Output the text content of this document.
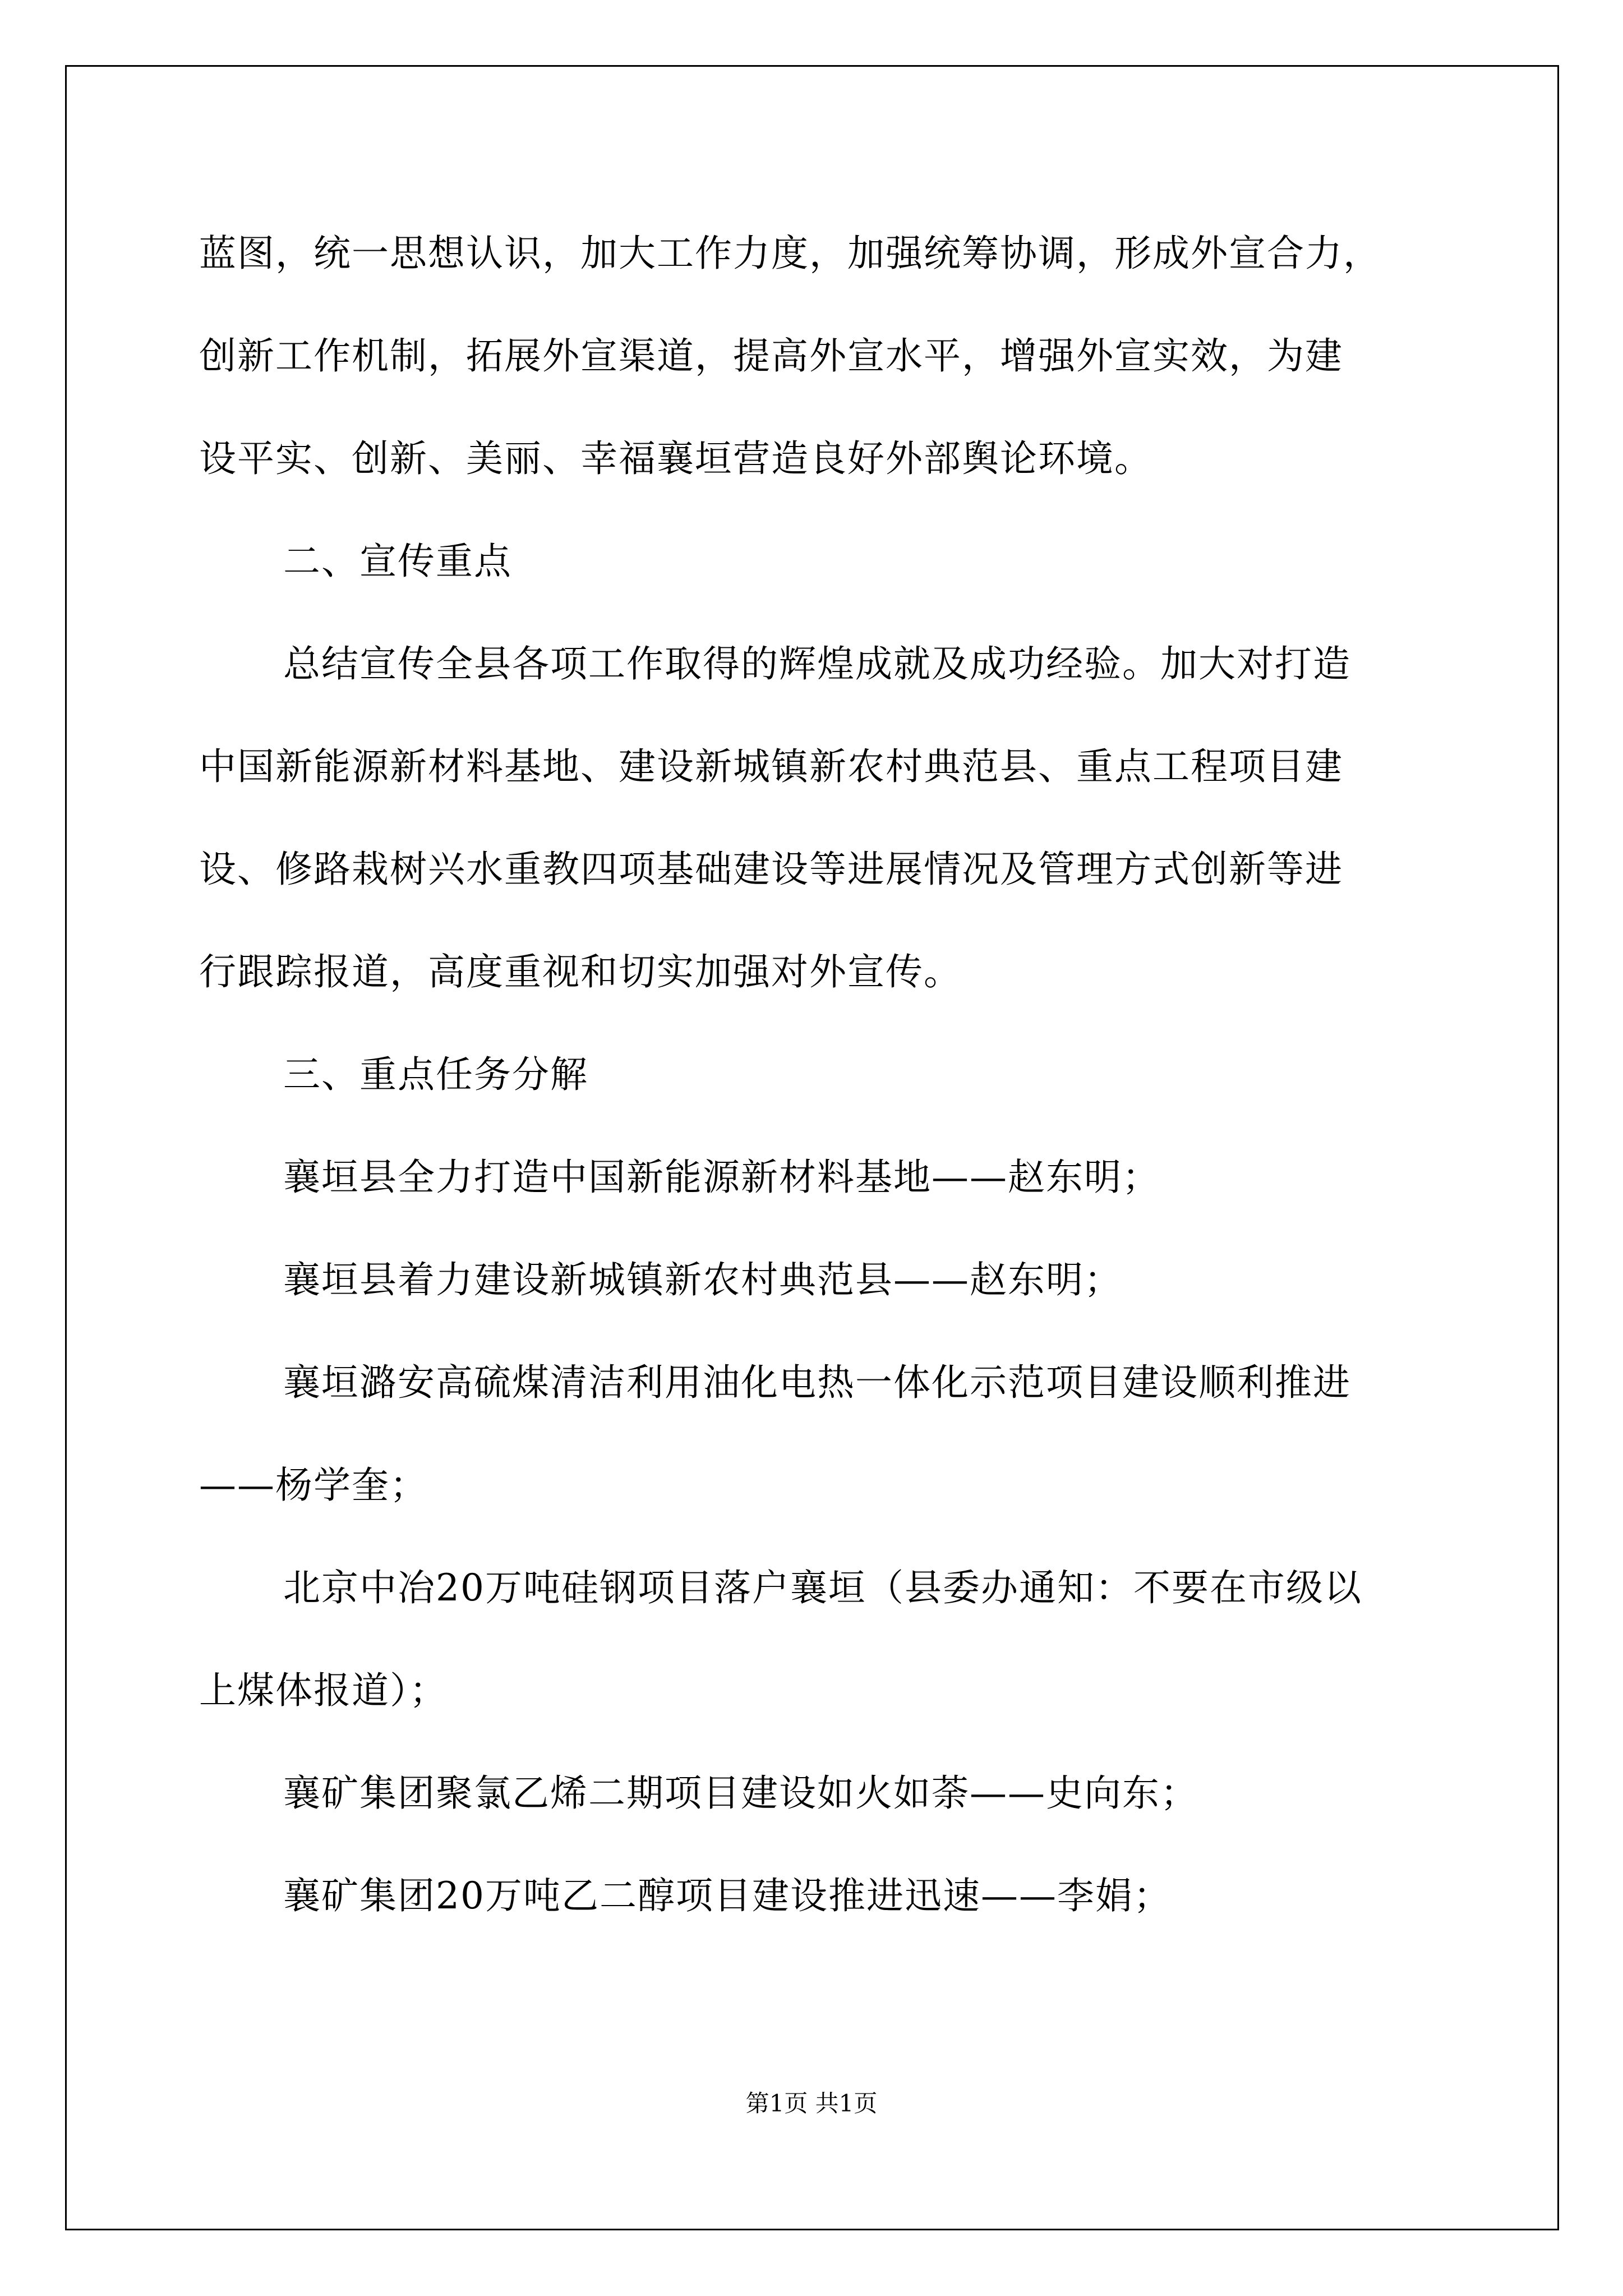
蓝图，统一思想认识，加大工作力度，加强统筹协调，形成外宣合力，
创新工作机制，拓展外宣渠道，提高外宣水平，增强外宣实效，为建
设平实、创新、美丽、幸福襄垣营造良好外部舆论环境。
二、宣传重点
总结宣传全县各项工作取得的辉煌成就及成功经验。加大对打造
中国新能源新材料基地、建设新城镇新农村典范县、重点工程项目建
设、修路栽树兴水重教四项基础建设等进展情况及管理方式创新等进
行跟踪报道，高度重视和切实加强对外宣传。
三、重点任务分解
襄垣县全力打造中国新能源新材料基地——赵东明；
襄垣县着力建设新城镇新农村典范县——赵东明；
襄垣潞安高硫煤清洁利用油化电热一体化示范项目建设顺利推进
——杨学奎；
北京中冶20万吨硅钢项目落户襄垣（县委办通知：不要在市级以
上煤体报道）；
襄矿集团聚氯乙烯二期项目建设如火如荼——史向东；
襄矿集团20万吨乙二醇项目建设推进迅速——李娟；
第1页 共1页
